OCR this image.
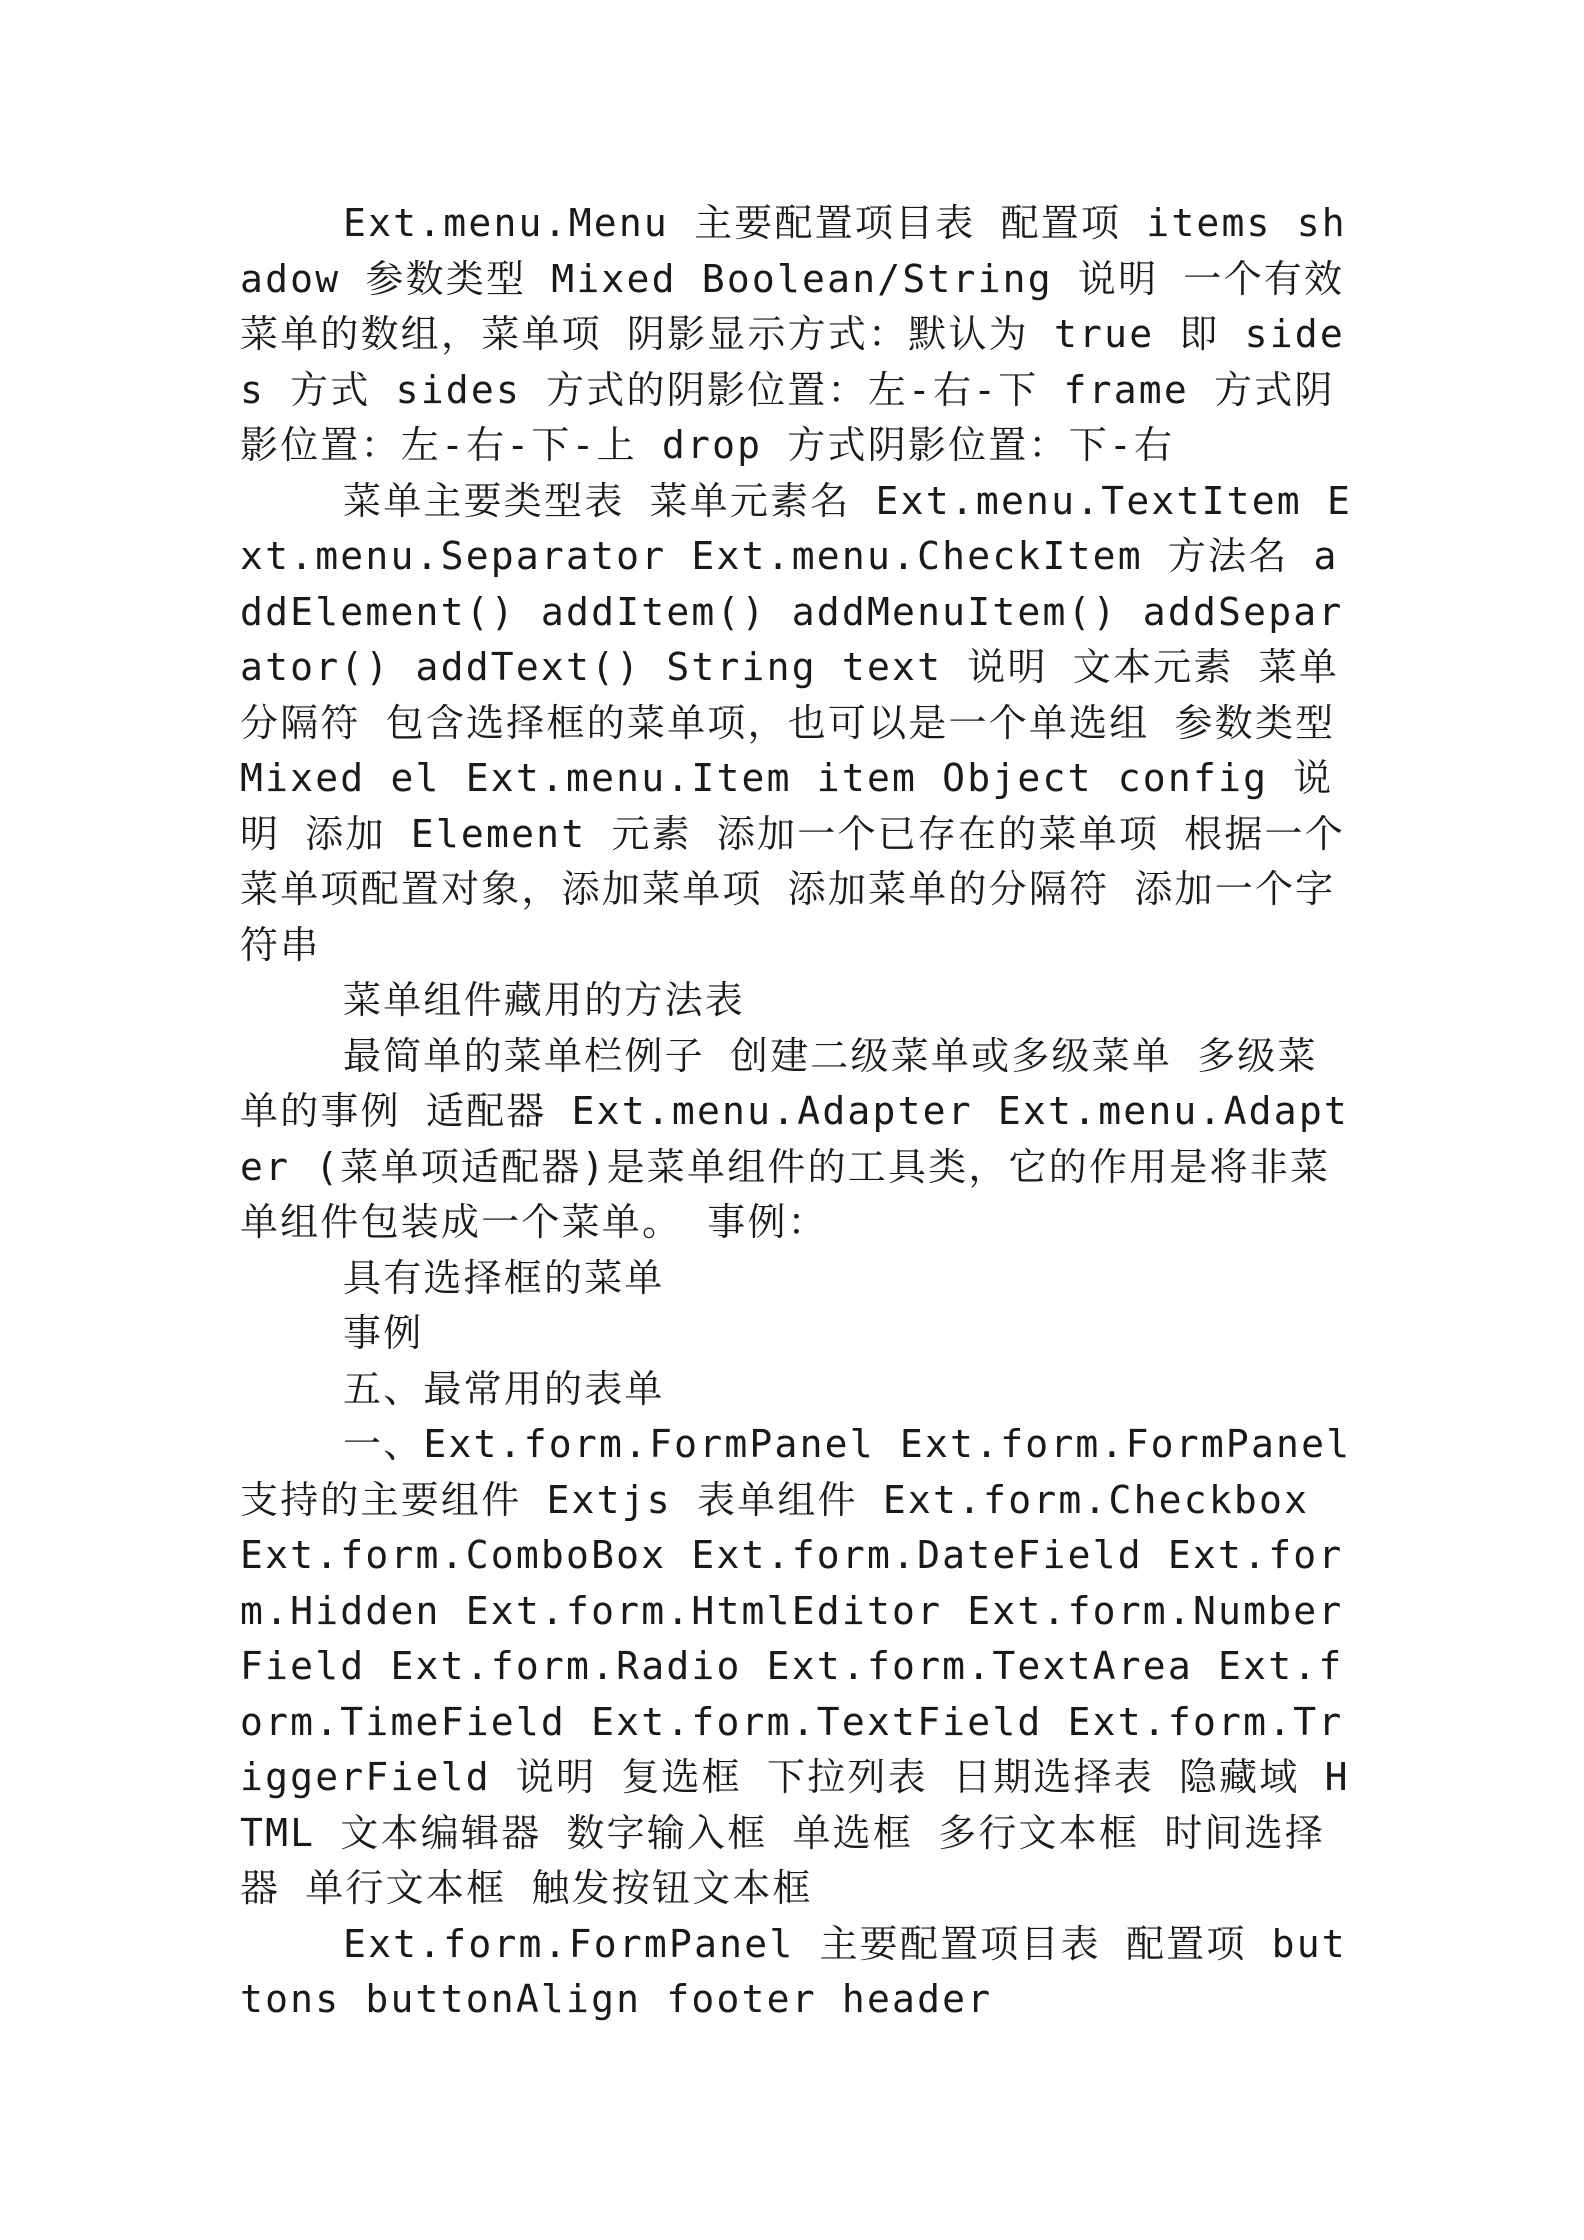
Ext.menu.Menu 主要配置项目表 配置项 items shadow 参数类型 Mixed Boolean/String 说明 一个有效菜单的数组，菜单项 阴影显示方式：默认为 true 即 sides 方式 sides 方式的阴影位置：左-右-下 frame 方式阴影位置：左-右-下-上 drop 方式阴影位置：下-右

菜单主要类型表 菜单元素名 Ext.menu.TextItem Ext.menu.Separator Ext.menu.CheckItem 方法名 addElement() addItem() addMenuItem() addSeparator() addText() String text 说明 文本元素 菜单分隔符 包含选择框的菜单项，也可以是一个单选组 参数类型 Mixed el Ext.menu.Item item Object config 说明 添加 Element 元素 添加一个已存在的菜单项 根据一个菜单项配置对象，添加菜单项 添加菜单的分隔符 添加一个字符串

菜单组件藏用的方法表

最简单的菜单栏例子 创建二级菜单或多级菜单 多级菜单的事例 适配器 Ext.menu.Adapter Ext.menu.Adapter (菜单项适配器)是菜单组件的工具类，它的作用是将非菜单组件包装成一个菜单。 事例：

具有选择框的菜单

事例

五、最常用的表单

一、Ext.form.FormPanel Ext.form.FormPanel 支持的主要组件 Extjs 表单组件 Ext.form.Checkbox Ext.form.ComboBox Ext.form.DateField Ext.form.Hidden Ext.form.HtmlEditor Ext.form.NumberField Ext.form.Radio Ext.form.TextArea Ext.form.TimeField Ext.form.TextField Ext.form.TriggerField 说明 复选框 下拉列表 日期选择表 隐藏域 HTML 文本编辑器 数字输入框 单选框 多行文本框 时间选择器 单行文本框 触发按钮文本框

Ext.form.FormPanel 主要配置项目表 配置项 buttons buttonAlign footer header
